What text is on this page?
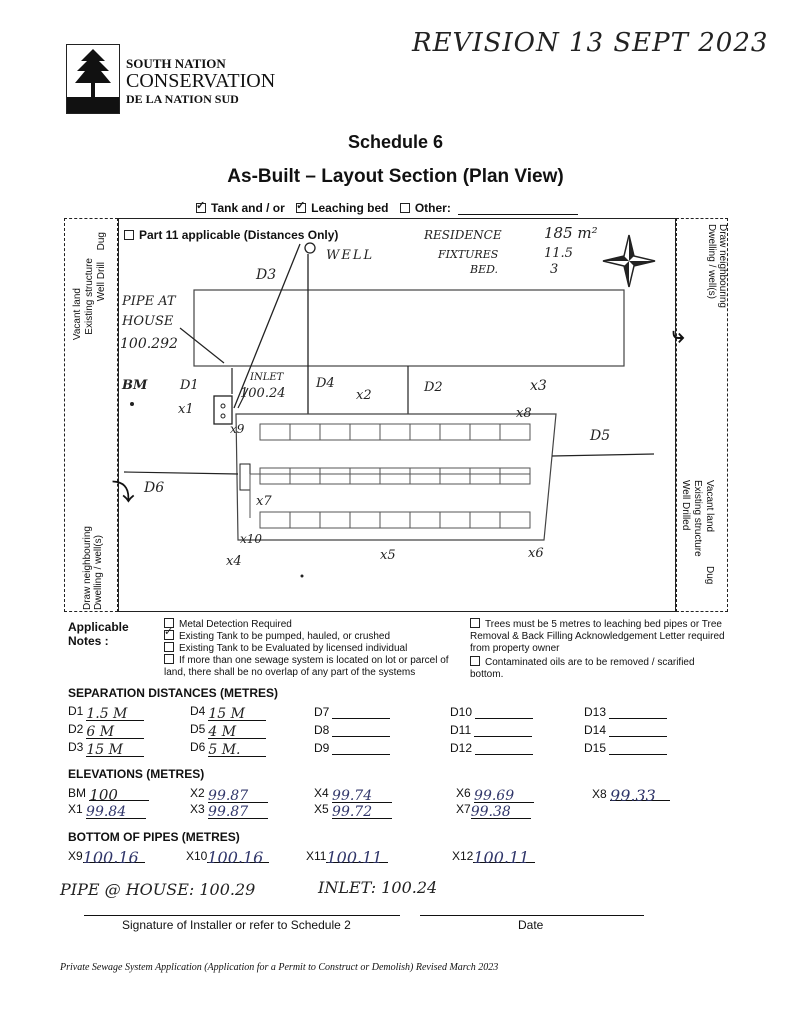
REVISION 13 SEPT 2023
SOUTH NATION
CONSERVATION
DE LA NATION SUD
Schedule 6
As-Built – Layout Section (Plan View)
✓Tank and / or ✓ Leaching bed Other:
Vacant land Existing structure Well Drill
Dug
Draw neighbouring Dwelling / well(s)
⤵
Draw neighbouring Dwelling / well(s)
⤷
Vacant land
Existing structure
Well Drilled
Dug
Part 11 applicable (Distances Only)	RESIDENCE	185 m²
FIXTURES	11.5
BED.	3
WELL
PIPE AT HOUSE
100.292
INLET
100.24
BM
D3
D1	D4	D2
D5
D6
x1
x2
x3
x4	x5	x6
x7
x8
x9
x10
Applicable Notes :
Metal Detection Required
✓Existing Tank to be pumped, hauled, or crushed
Existing Tank to be Evaluated by licensed individual
If more than one sewage system is located on lot or parcel of land, there shall be no overlap of any part of the systems
Trees must be 5 metres to leaching bed pipes or Tree Removal & Back Filling Acknowledgement Letter required from property owner
Contaminated oils are to be removed / scarified bottom.
SEPARATION DISTANCES (METRES)
ELEVATIONS (METRES)
BM 100
X1 99.84
X2 99.87
X3 99.87
X4 99.74
X5 99.72
X6 99.69
X799.38
X8 99.33
BOTTOM OF PIPES (METRES)
X9100.16	X10100.16	X11100.11	X12100.11
PIPE @ HOUSE: 100.29	INLET: 100.24
Signature of Installer or refer to Schedule 2	Date
Private Sewage System Application (Application for a Permit to Construct or Demolish) Revised March 2023
D1 1.5 M	D4 15 M	D7	D10	D13
D2 6 M	D5 4 M	D8	D11	D14
D3 15 M	D6 5 M.	D9	D12	D15
